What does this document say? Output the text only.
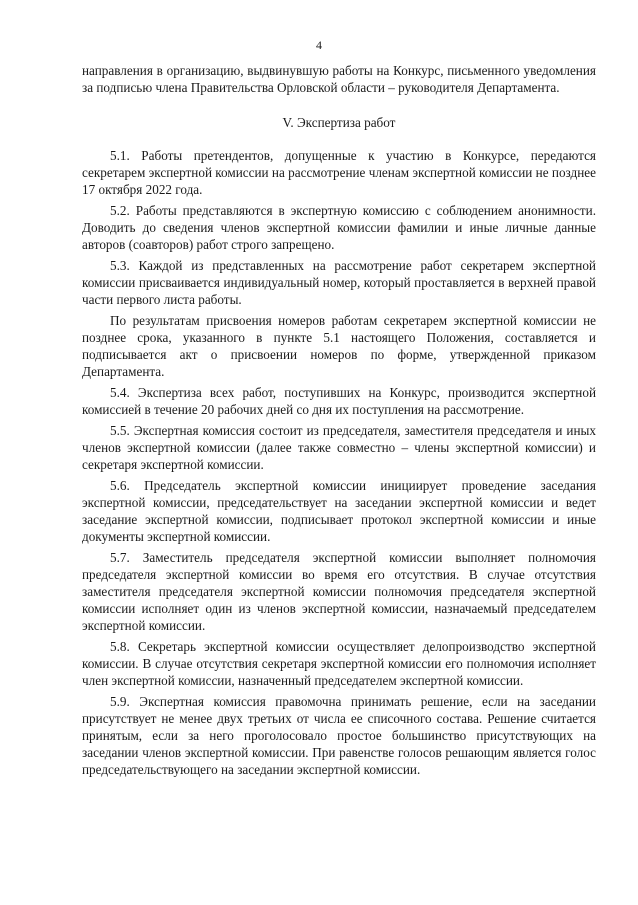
4

направления в организацию, выдвинувшую работы на Конкурс, письменного уведомления за подписью члена Правительства Орловской области – руководителя Департамента.

V. Экспертиза работ

5.1. Работы претендентов, допущенные к участию в Конкурсе, передаются секретарем экспертной комиссии на рассмотрение членам экспертной комиссии не позднее 17 октября 2022 года.

5.2. Работы представляются в экспертную комиссию с соблюдением анонимности. Доводить до сведения членов экспертной комиссии фамилии и иные личные данные авторов (соавторов) работ строго запрещено.

5.3. Каждой из представленных на рассмотрение работ секретарем экспертной комиссии присваивается индивидуальный номер, который проставляется в верхней правой части первого листа работы.

По результатам присвоения номеров работам секретарем экспертной комиссии не позднее срока, указанного в пункте 5.1 настоящего Положения, составляется и подписывается акт о присвоении номеров по форме, утвержденной приказом Департамента.

5.4. Экспертиза всех работ, поступивших на Конкурс, производится экспертной комиссией в течение 20 рабочих дней со дня их поступления на рассмотрение.

5.5. Экспертная комиссия состоит из председателя, заместителя председателя и иных членов экспертной комиссии (далее также совместно – члены экспертной комиссии) и секретаря экспертной комиссии.

5.6. Председатель экспертной комиссии инициирует проведение заседания экспертной комиссии, председательствует на заседании экспертной комиссии и ведет заседание экспертной комиссии, подписывает протокол экспертной комиссии и иные документы экспертной комиссии.

5.7. Заместитель председателя экспертной комиссии выполняет полномочия председателя экспертной комиссии во время его отсутствия. В случае отсутствия заместителя председателя экспертной комиссии полномочия председателя экспертной комиссии исполняет один из членов экспертной комиссии, назначаемый председателем экспертной комиссии.

5.8. Секретарь экспертной комиссии осуществляет делопроизводство экспертной комиссии. В случае отсутствия секретаря экспертной комиссии его полномочия исполняет член экспертной комиссии, назначенный председателем экспертной комиссии.

5.9. Экспертная комиссия правомочна принимать решение, если на заседании присутствует не менее двух третьих от числа ее списочного состава. Решение считается принятым, если за него проголосовало простое большинство присутствующих на заседании членов экспертной комиссии. При равенстве голосов решающим является голос председательствующего на заседании экспертной комиссии.
